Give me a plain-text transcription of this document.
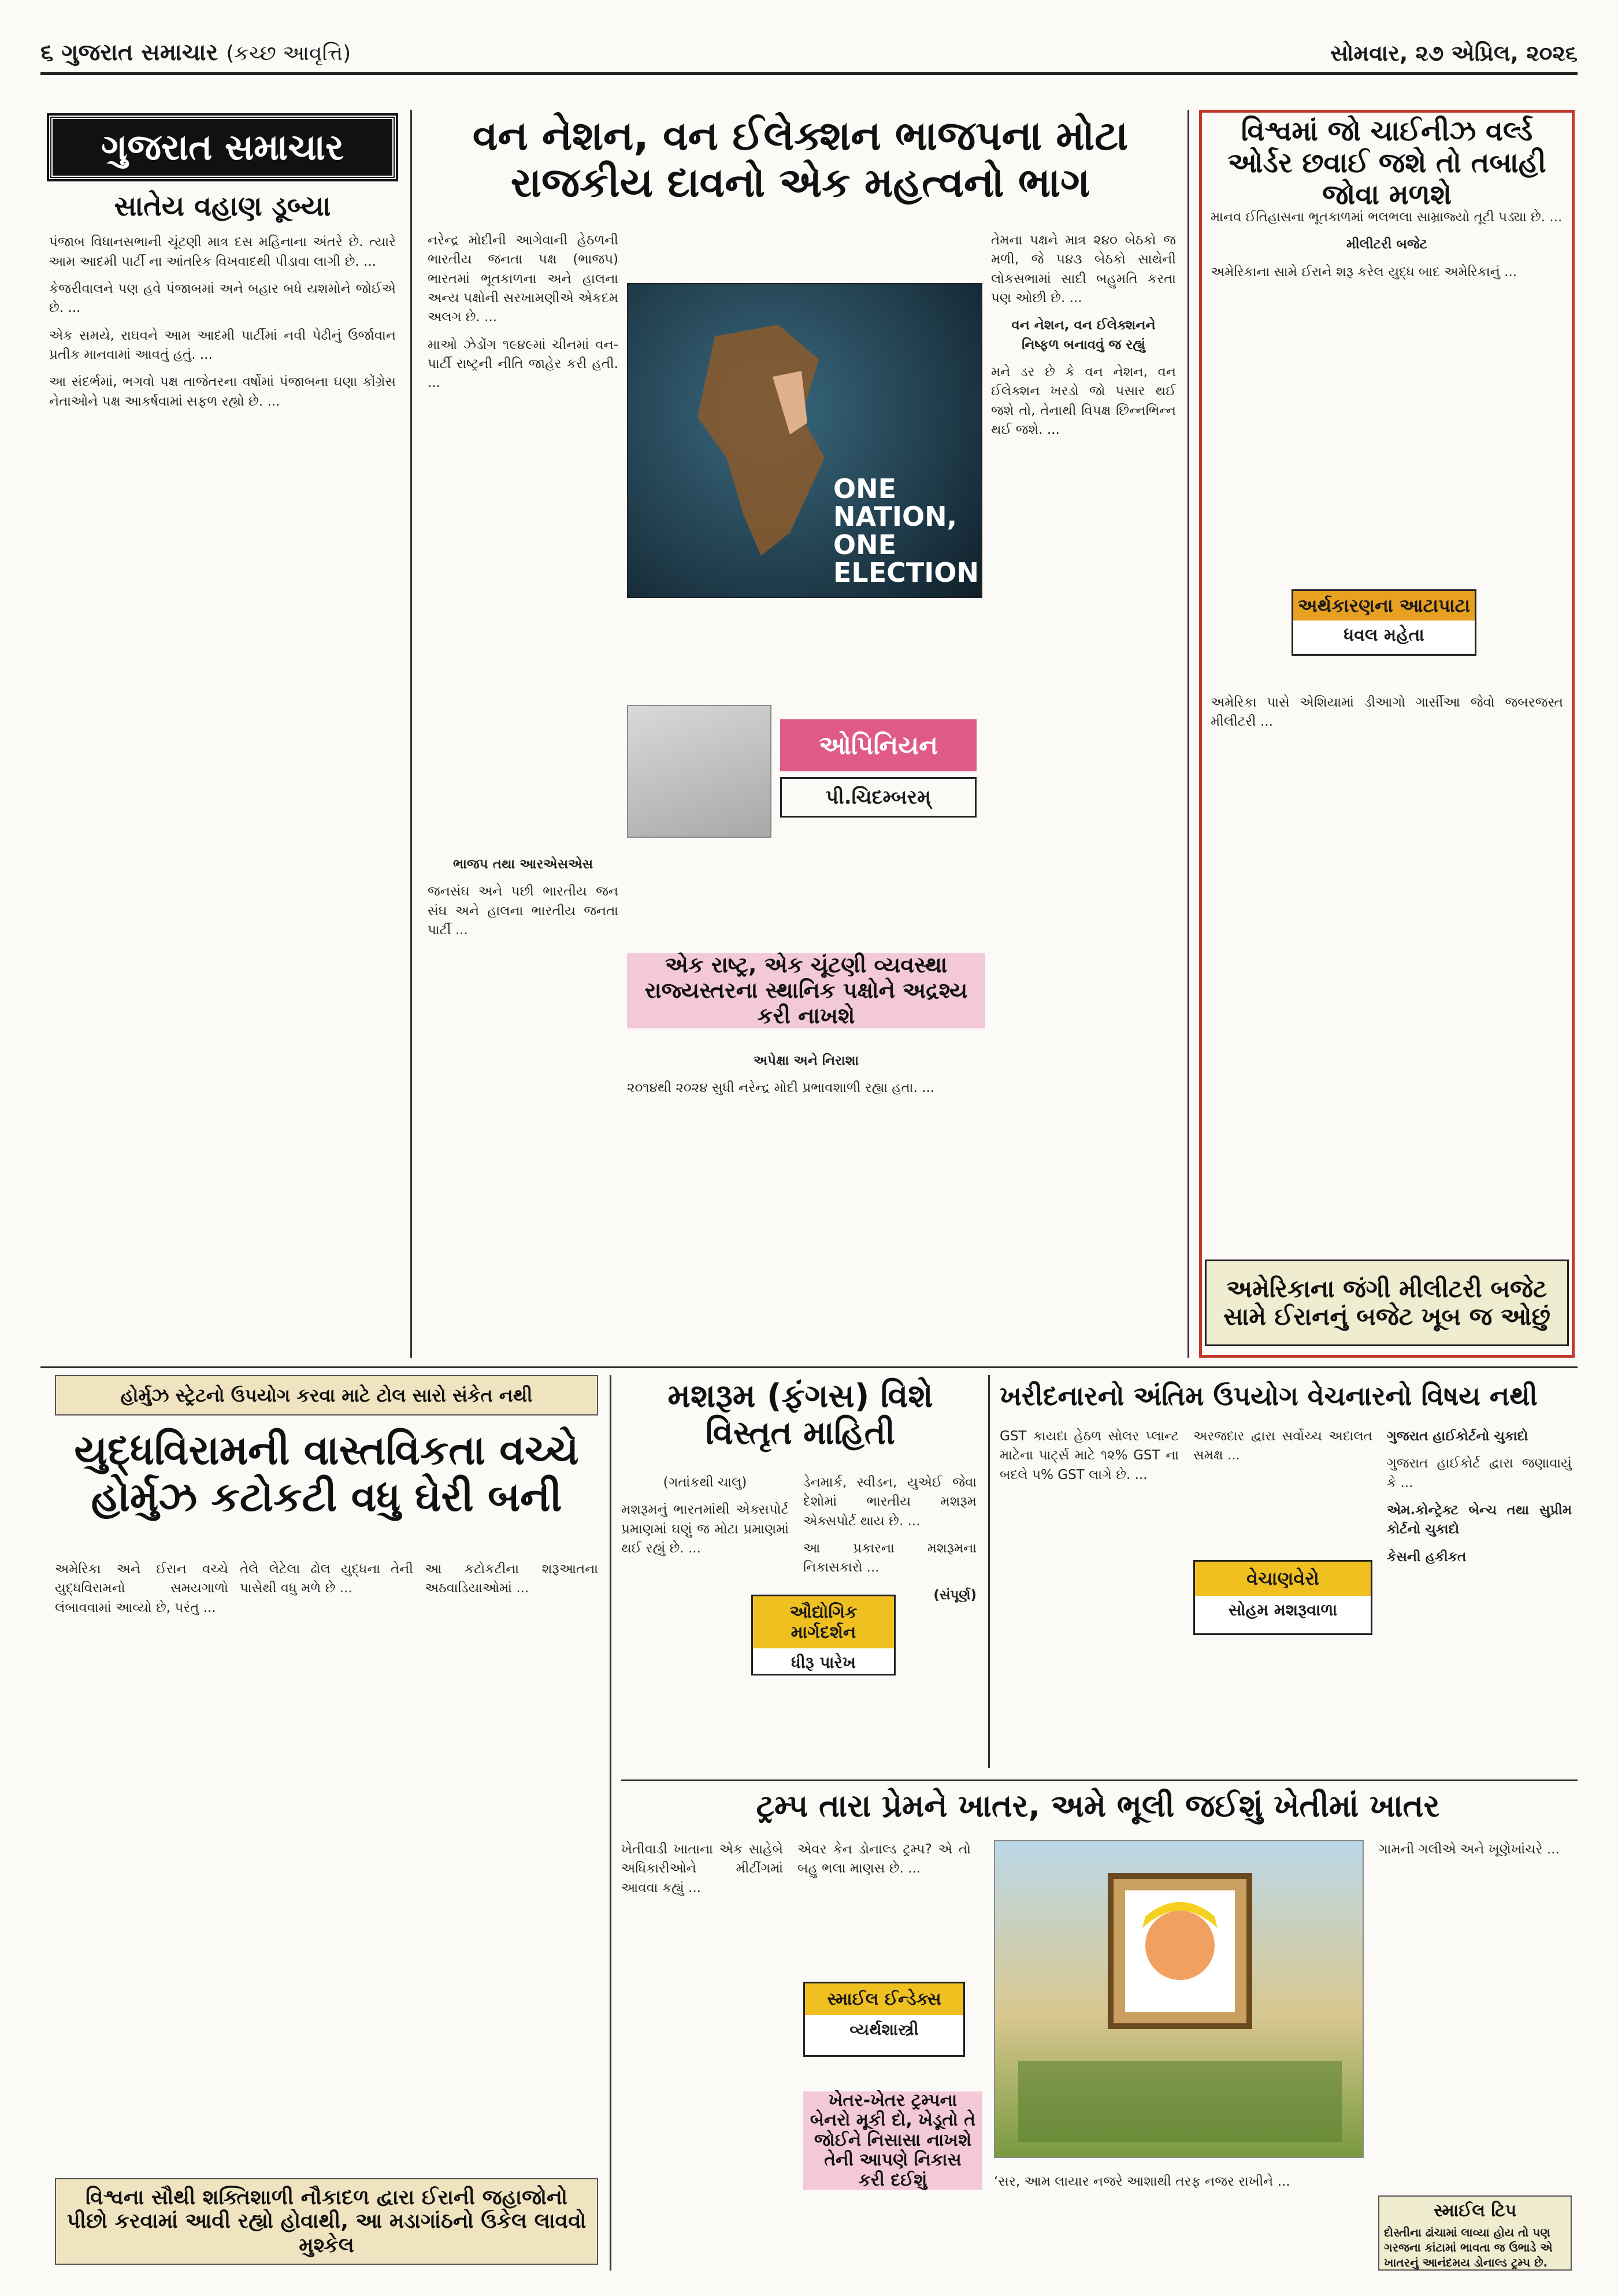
૬ ગુજરાત સમાચાર (કચ્છ આવૃત્તિ)	સોમવાર, ૨૭ એપ્રિલ, ૨૦૨૬
ગુજરાત સમાચાર
સાતેય વહાણ ડૂબ્યા

પંજાબ વિધાનસભાની ચૂંટણી માત્ર દસ મહિનાના અંતરે છે. ત્યારે આમ આદમી પાર્ટી ના આંતરિક વિખવાદથી પીડાવા લાગી છે. ...

કેજરીવાલને પણ હવે પંજાબમાં અને બહાર બધે યશમોને જોઈએ છે. ...

એક સમયે, રાઘવને આમ આદમી પાર્ટીમાં નવી પેઢીનું ઉર્જાવાન પ્રતીક માનવામાં આવતું હતું. ...

આ સંદર્ભમાં, ભગવો પક્ષ તાજેતરના વર્ષોમાં પંજાબના ઘણા કોંગ્રેસ નેતાઓને પક્ષ આકર્ષવામાં સફળ રહ્યો છે. ...

વન નેશન, વન ઈલેક્શન ભાજપના મોટા રાજકીય દાવનો એક મહત્વનો ભાગ

નરેન્દ્ર મોદીની આગેવાની હેઠળની ભારતીય જનતા પક્ષ (ભાજપ) ભારતમાં ભૂતકાળના અને હાલના અન્ય પક્ષોની સરખામણીએ એકદમ અલગ છે. ...

માઓ ઝેડોંગ ૧૯૪૯માં ચીનમાં વન-પાર્ટી રાષ્ટ્રની નીતિ જાહેર કરી હતી. ...

તેમના પક્ષને માત્ર ૨૪૦ બેઠકો જ મળી, જે ૫૪૩ બેઠકો સાથેની લોકસભામાં સાદી બહુમતિ કરતા પણ ઓછી છે. ...

વન નેશન, વન ઈલેક્શનને નિષ્ફળ બનાવવું જ રહ્યું

મને ડર છે કે વન નેશન, વન ઈલેક્શન ખરડો જો પસાર થઈ જશે તો, તેનાથી વિપક્ષ છિન્નભિન્ન થઈ જશે. ...

ONE NATION,
ONE ELECTION
ઓપિનિયન
પી.ચિદમ્બરમ્

ભાજપ તથા આરએસએસ

જનસંઘ અને પછી ભારતીય જન સંઘ અને હાલના ભારતીય જનતા પાર્ટી ...

એક રાષ્ટ્ર, એક ચૂંટણી વ્યવસ્થા રાજ્યસ્તરના સ્થાનિક પક્ષોને અદ્રશ્ય કરી નાખશે

અપેક્ષા અને નિરાશા

૨૦૧૪થી ૨૦૨૪ સુધી નરેન્દ્ર મોદી પ્રભાવશાળી રહ્યા હતા. ...

વિશ્વમાં જો ચાઈનીઝ વર્લ્ડ ઓર્ડર છવાઈ જશે તો તબાહી જોવા મળશે

માનવ ઈતિહાસના ભૂતકાળમાં ભલભલા સામ્રાજ્યો તૂટી પડ્યા છે. ...

મીલીટરી બજેટ

અમેરિકાના સામે ઈરાને શરૂ કરેલ યુદ્ધ બાદ અમેરિકાનું ...

અર્થકારણના આટાપાટા
ધવલ મહેતા

અમેરિકા પાસે એશિયામાં ડીઆગો ગાર્સીઆ જેવો જબરજસ્ત મીલીટરી ...

અમેરિકાના જંગી મીલીટરી બજેટ સામે ઈરાનનું બજેટ ખૂબ જ ઓછું
હોર્મુઝ સ્ટ્રેટનો ઉપયોગ કરવા માટે ટોલ સારો સંકેત નથી
યુદ્ધવિરામની વાસ્તવિકતા વચ્ચે હોર્મુઝ કટોકટી વધુ ઘેરી બની

અમેરિકા અને ઈરાન વચ્ચે યુદ્ધવિરામનો સમયગાળો લંબાવવામાં આવ્યો છે, પરંતુ ...

તેલે લેટેલા ઢોલ યુદ્ધના તેની પાસેથી વધુ મળે છે ...

આ કટોકટીના શરૂઆતના અઠવાડિયાઓમાં ...

વિશ્વના સૌથી શક્તિશાળી નૌકાદળ દ્વારા ઈરાની જહાજોનો પીછો કરવામાં આવી રહ્યો હોવાથી, આ મડાગાંઠનો ઉકેલ લાવવો મુશ્કેલ
મશરૂમ (ફંગસ) વિશે વિસ્તૃત માહિતી

(ગતાંકથી ચાલુ)

મશરૂમનું ભારતમાંથી એક્સપોર્ટ પ્રમાણમાં ઘણું જ મોટા પ્રમાણમાં થઈ રહ્યું છે. ...

ઔદ્યોગિક માર્ગદર્શન
ધીરૂ પારેખ

ડેનમાર્ક, સ્વીડન, યુએઈ જેવા દેશોમાં ભારતીય મશરૂમ એક્સપોર્ટ થાય છે. ...

આ પ્રકારના મશરૂમના નિકાસકારો ...

(સંપૂર્ણ)

ખરીદનારનો અંતિમ ઉપયોગ વેચનારનો વિષય નથી

GST કાયદા હેઠળ સોલર પ્લાન્ટ માટેના પાર્ટ્સ માટે ૧૨% GST ના બદલે ૫% GST લાગે છે. ...

અરજદાર દ્વારા સર્વોચ્ચ અદાલત સમક્ષ ...

વેચાણવેરો
સોહમ મશરૂવાળા

ગુજરાત હાઈકોર્ટનો ચુકાદો

ગુજરાત હાઈકોર્ટ દ્વારા જણાવાયું કે ...

એમ.કોન્ટ્રેક્ટ બેન્ચ તથા સુપ્રીમ કોર્ટનો ચુકાદો

કેસની હકીકત

ટ્રમ્પ તારા પ્રેમને ખાતર, અમે ભૂલી જઈશું ખેતીમાં ખાતર

ખેતીવાડી ખાતાના એક સાહેબે અધિકારીઓને મીટીંગમાં આવવા કહ્યું ...

એવર કેન ડોનાલ્ડ ટ્રમ્પ? એ તો બહુ ભલા માણસ છે. ...

સ્માઈલ ઈન્ડેક્સ
વ્યર્થશાસ્ત્રી
ખેતર-ખેતર ટ્રમ્પના બેનરો મૂકી દો, ખેડૂતો તે જોઈને નિસાસા નાખશે તેની આપણે નિકાસ કરી દઈશું	‘સર, આમ લાયાર નજરે આશાથી તરફ નજર રાખીને ...

ગામની ગલીએ અને ખૂણેખાંચરે ...

સ્માઈલ ટિપ
દોસ્તીના ઢાંચામાં લાવ્યા હોય તો પણ ગરજના કાંટામાં ભાવતા જ ઉભાડે એ ખાતરનું આનંદમય ડોનાલ્ડ ટ્રમ્પ છે.
